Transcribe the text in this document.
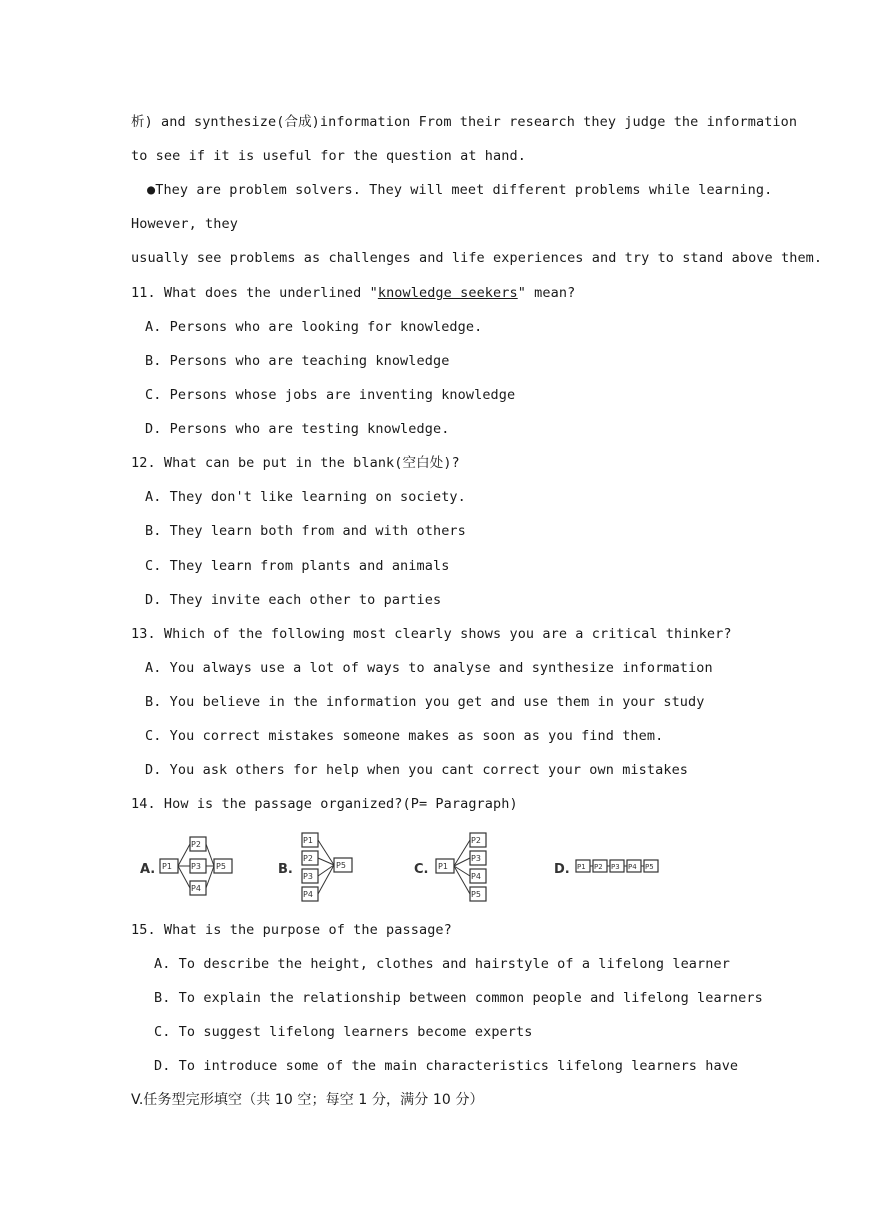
析) and synthesize(合成)information From their research they judge the information
to see if it is useful for the question at hand.
●They are problem solvers. They will meet different problems while learning.
However, they
usually see problems as challenges and life experiences and try to stand above them.
11. What does the underlined "knowledge seekers" mean?
A. Persons who are looking for knowledge.
B. Persons who are teaching knowledge
C. Persons whose jobs are inventing knowledge
D. Persons who are testing knowledge.
12. What can be put in the blank(空白处)?
A. They don't like learning on society.
B. They learn both from and with others
C. They learn from plants and animals
D. They invite each other to parties
13. Which of the following most clearly shows you are a critical thinker?
A. You always use a lot of ways to analyse and synthesize information
B. You believe in the information you get and use them in your study
C. You correct mistakes someone makes as soon as you find them.
D. You ask others for help when you cant correct your own mistakes
14. How is the passage organized?(P= Paragraph)
A. P1
P2
P3
P4
P5	B.
P1
P2
P3
P4
P5	C. P1
P2
P3
P4
P5
D. P1 P2 P3 P4 P5
15. What is the purpose of the passage?
A. To describe the height, clothes and hairstyle of a lifelong learner
B. To explain the relationship between common people and lifelong learners
C. To suggest lifelong learners become experts
D. To introduce some of the main characteristics lifelong learners have
V.任务型完形填空（共 10 空；每空 1 分，满分 10 分）
